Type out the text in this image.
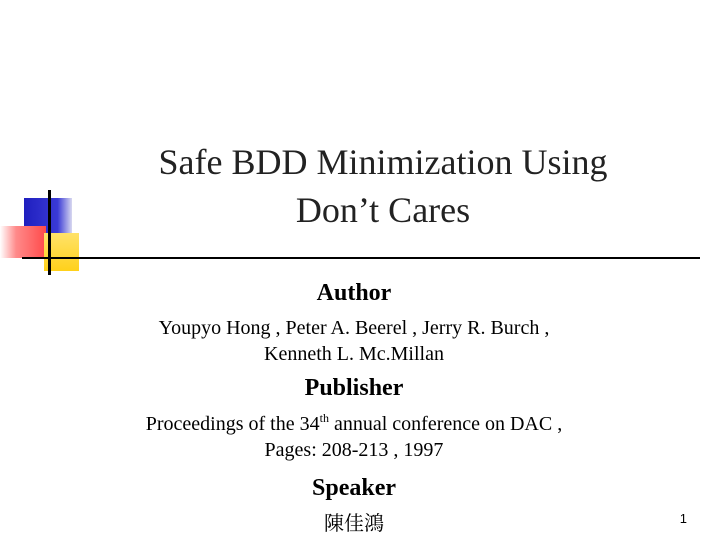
Safe BDD Minimization Using
Don’t Cares
Author
Youpyo Hong , Peter A. Beerel , Jerry R. Burch ,
Kenneth L. Mc.Millan
Publisher
Proceedings of the 34th annual conference on DAC ,
Pages: 208-213 , 1997
Speaker
陳佳鴻	1
